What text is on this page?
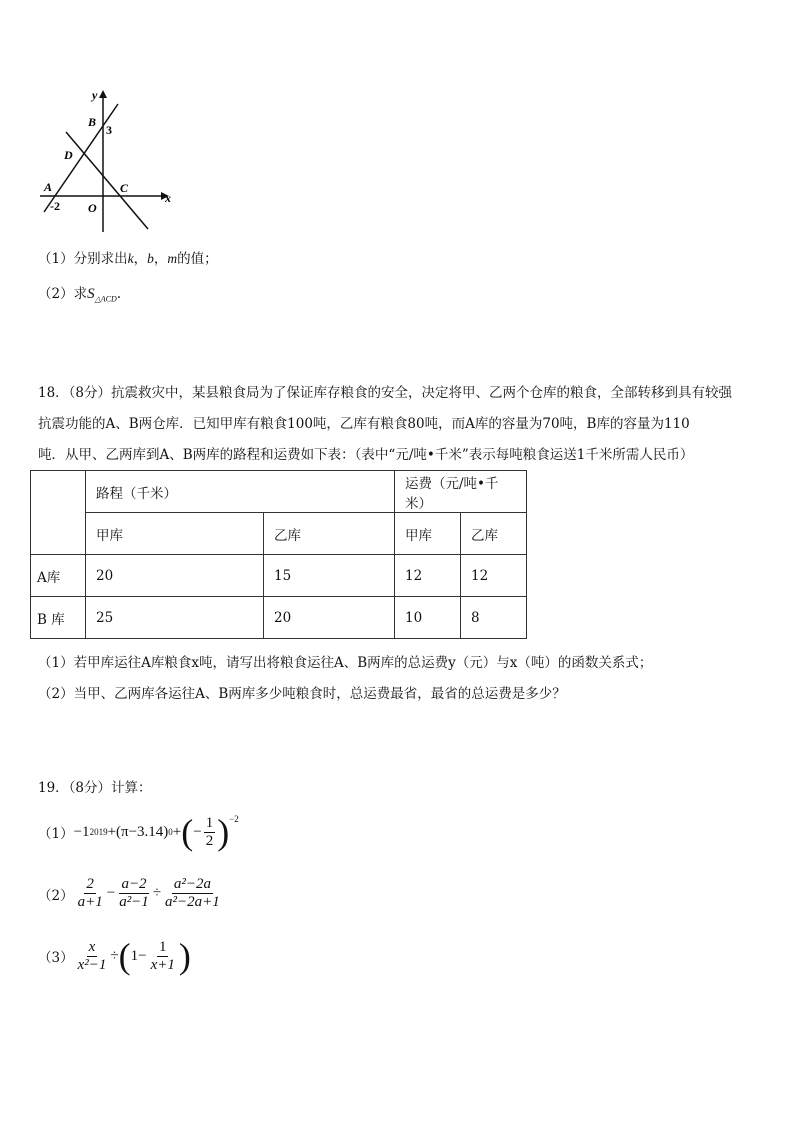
y
B
3
D
A	C
x
-2 O
（1）分别求出k，b，m的值；
（2）求$S_{\triangle ACD}$.
18．（8分）抗震救灾中，某县粮食局为了保证库存粮食的安全，决定将甲、乙两个仓库的粮食，全部转移到具有较强
抗震功能的A、B两仓库．已知甲库有粮食100吨，乙库有粮食80吨，而A库的容量为70吨，B库的容量为110
吨．从甲、乙两库到A、B两库的路程和运费如下表：（表中“元/吨•千米”表示每吨粮食运送1千米所需人民币）
	路程（千米）		运费（元/吨•千米）	
	甲库	乙库	甲库	乙库
A库	20	15	12	12
B 库	25	20	10	8
（1）若甲库运往A库粮食x吨，请写出将粮食运往A、B两库的总运费y（元）与x（吨）的函数关系式；
（2）当甲、乙两库各运往A、B两库多少吨粮食时，总运费最省，最省的总运费是多少？
19．（8分）计算：
（1） −1 2019 +(π−3.14) 0 + ( − $\frac{1}{2} )^{-2}$
$(2) \frac{2}{a+1} - \frac{a-2}{\text{a²−1}} \div \frac{\text{a²−2a}}{\text{a²−2a+1}}$
$(3) \frac{x}{\text{x²−1}}$ ÷ ( $1- \frac{1}{x+1}$ )
